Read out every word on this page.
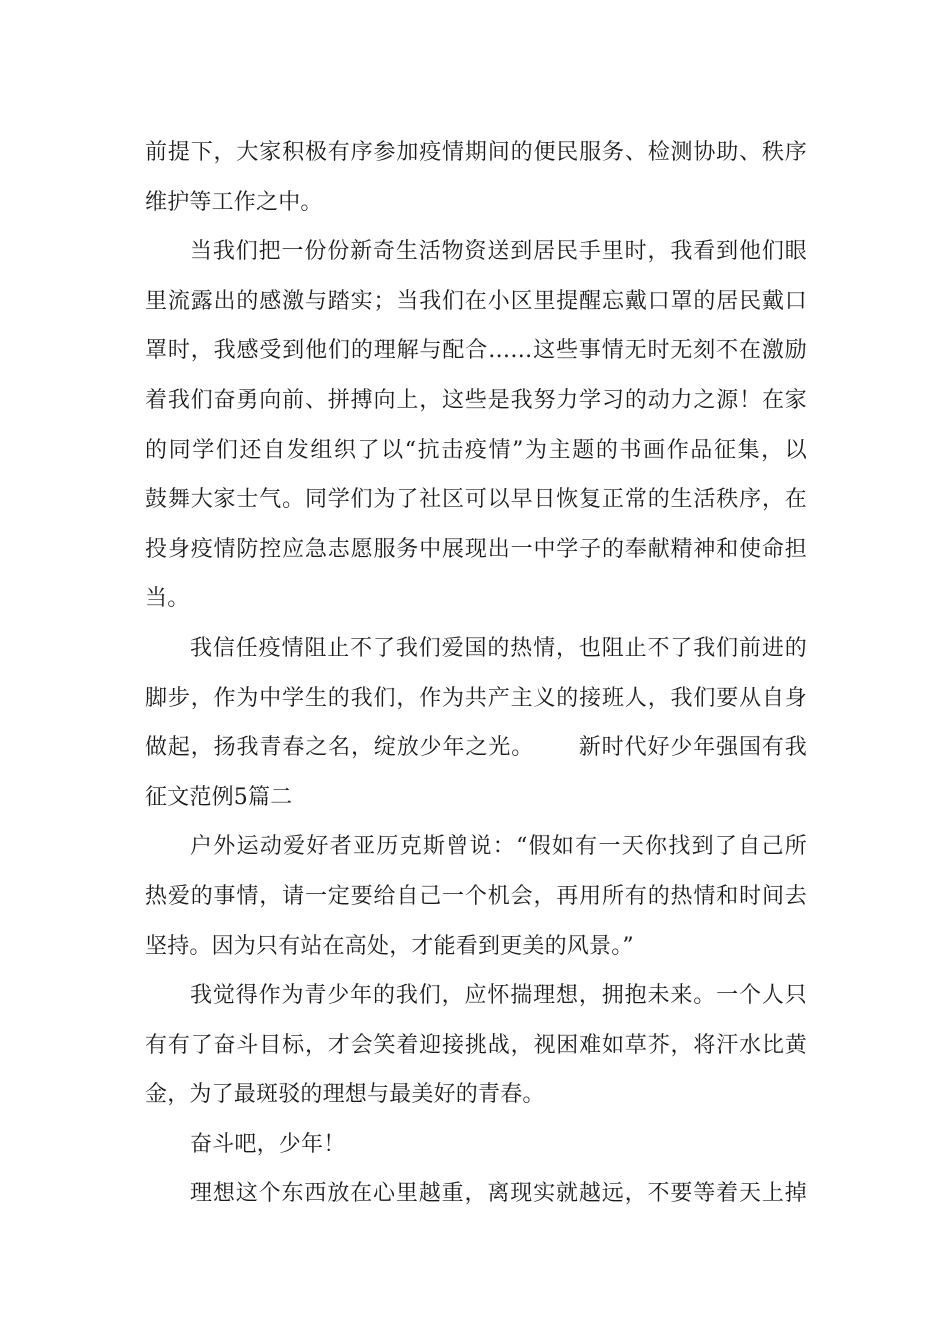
前提下，大家积极有序参加疫情期间的便民服务、检测协助、秩序
维护等工作之中。
当我们把一份份新奇生活物资送到居民手里时，我看到他们眼
里流露出的感激与踏实；当我们在小区里提醒忘戴口罩的居民戴口
罩时，我感受到他们的理解与配合……这些事情无时无刻不在激励
着我们奋勇向前、拼搏向上，这些是我努力学习的动力之源！在家
的同学们还自发组织了以“抗击疫情”为主题的书画作品征集，以
鼓舞大家士气。同学们为了社区可以早日恢复正常的生活秩序，在
投身疫情防控应急志愿服务中展现出一中学子的奉献精神和使命担
当。
我信任疫情阻止不了我们爱国的热情，也阻止不了我们前进的
脚步，作为中学生的我们，作为共产主义的接班人，我们要从自身
做起，扬我青春之名，绽放少年之光。 新时代好少年强国有我
征文范例5篇二
户外运动爱好者亚历克斯曾说：“假如有一天你找到了自己所
热爱的事情，请一定要给自己一个机会，再用所有的热情和时间去
坚持。因为只有站在高处，才能看到更美的风景。”
我觉得作为青少年的我们，应怀揣理想，拥抱未来。一个人只
有有了奋斗目标，才会笑着迎接挑战，视困难如草芥，将汗水比黄
金，为了最斑驳的理想与最美好的青春。
奋斗吧，少年！
理想这个东西放在心里越重，离现实就越远，不要等着天上掉
